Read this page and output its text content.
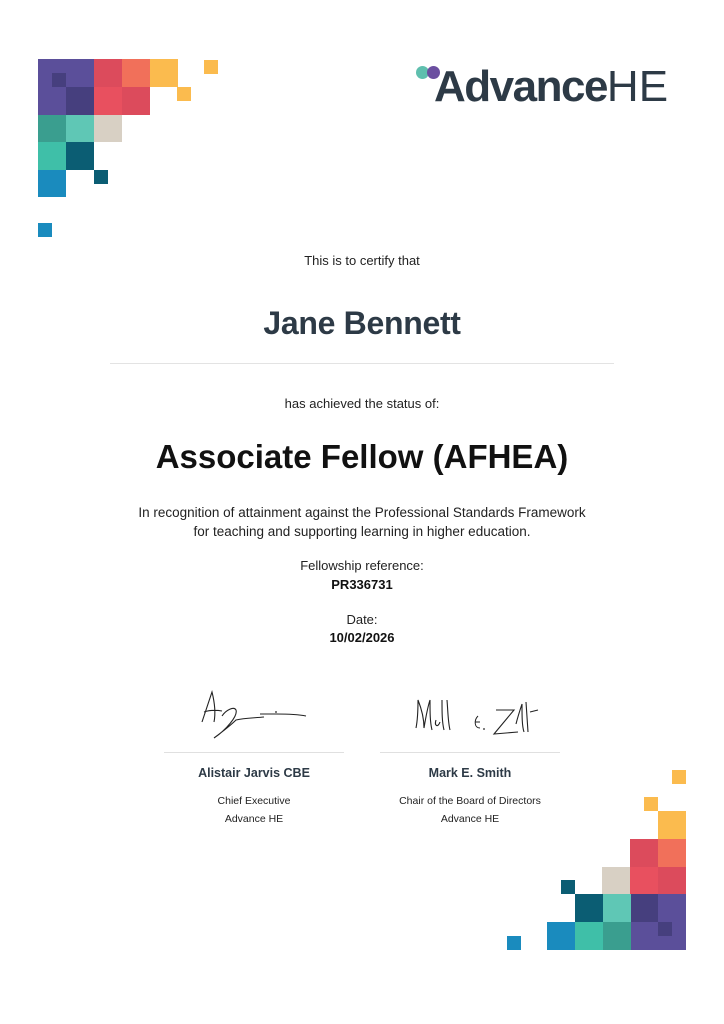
AdvanceHE
This is to certify that
Jane Bennett
has achieved the status of:
Associate Fellow (AFHEA)
In recognition of attainment against the Professional Standards Framework
for teaching and supporting learning in higher education.
Fellowship reference:
PR336731
Date:
10/02/2026
Alistair Jarvis CBE
Chief Executive
Advance HE
Mark E. Smith
Chair of the Board of Directors
Advance HE
